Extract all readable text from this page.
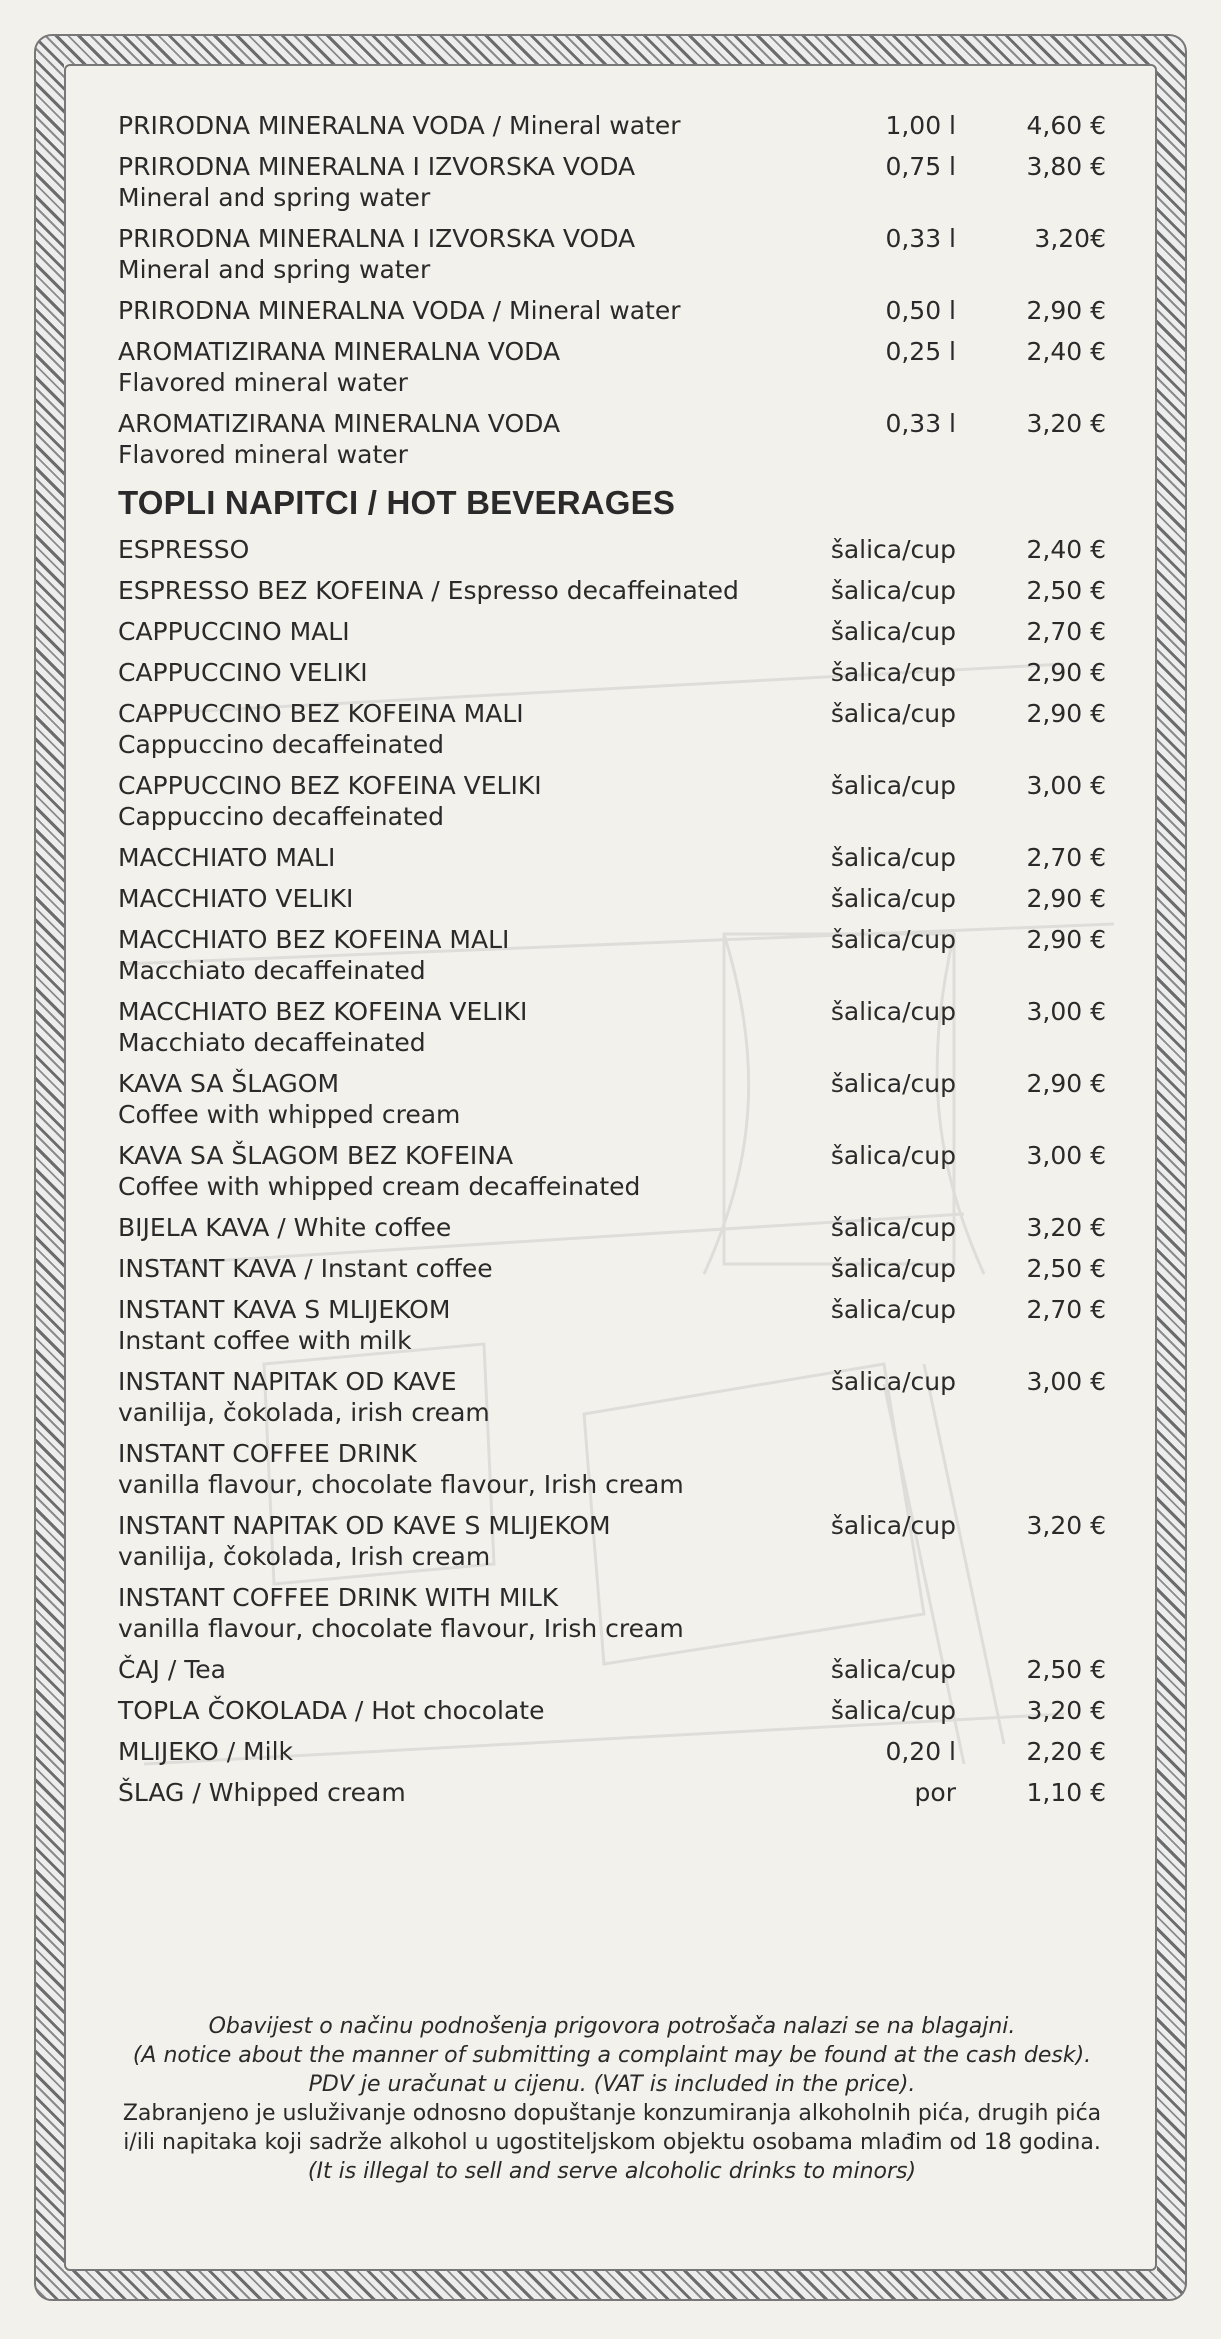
PRIRODNA MINERALNA VODA / Mineral water	1,00 l	4,60 €
PRIRODNA MINERALNA I IZVORSKA VODA
Mineral and spring water
0,75 l	3,80 €
PRIRODNA MINERALNA I IZVORSKA VODA
Mineral and spring water
0,33 l	3,20€
PRIRODNA MINERALNA VODA / Mineral water	0,50 l	2,90 €
AROMATIZIRANA MINERALNA VODA
Flavored mineral water
0,25 l	2,40 €
AROMATIZIRANA MINERALNA VODA
Flavored mineral water
0,33 l	3,20 €
TOPLI NAPITCI / HOT BEVERAGES
ESPRESSO	šalica/cup	2,40 €
ESPRESSO BEZ KOFEINA / Espresso decaffeinated	šalica/cup	2,50 €
CAPPUCCINO MALI	šalica/cup	2,70 €
CAPPUCCINO VELIKI	šalica/cup	2,90 €
CAPPUCCINO BEZ KOFEINA MALI
Cappuccino decaffeinated
šalica/cup	2,90 €
CAPPUCCINO BEZ KOFEINA VELIKI
Cappuccino decaffeinated
šalica/cup	3,00 €
MACCHIATO MALI	šalica/cup	2,70 €
MACCHIATO VELIKI	šalica/cup	2,90 €
MACCHIATO BEZ KOFEINA MALI
Macchiato decaffeinated
šalica/cup	2,90 €
MACCHIATO BEZ KOFEINA VELIKI
Macchiato decaffeinated
šalica/cup	3,00 €
KAVA SA ŠLAGOM
Coffee with whipped cream
šalica/cup	2,90 €
KAVA SA ŠLAGOM BEZ KOFEINA
Coffee with whipped cream decaffeinated
šalica/cup	3,00 €
BIJELA KAVA / White coffee	šalica/cup	3,20 €
INSTANT KAVA / Instant coffee	šalica/cup	2,50 €
INSTANT KAVA S MLIJEKOM
Instant coffee with milk
šalica/cup	2,70 €
INSTANT NAPITAK OD KAVE
vanilija, čokolada, irish cream
šalica/cup	3,00 €
INSTANT COFFEE DRINK
vanilla flavour, chocolate flavour, Irish cream
INSTANT NAPITAK OD KAVE S MLIJEKOM
vanilija, čokolada, Irish cream
šalica/cup	3,20 €
INSTANT COFFEE DRINK WITH MILK
vanilla flavour, chocolate flavour, Irish cream
ČAJ / Tea	šalica/cup	2,50 €
TOPLA ČOKOLADA / Hot chocolate	šalica/cup	3,20 €
MLIJEKO / Milk	0,20 l	2,20 €
ŠLAG / Whipped cream	por	1,10 €
Obavijest o načinu podnošenja prigovora potrošača nalazi se na blagajni.
(A notice about the manner of submitting a complaint may be found at the cash desk).
PDV je uračunat u cijenu. (VAT is included in the price).
Zabranjeno je usluživanje odnosno dopuštanje konzumiranja alkoholnih pića, drugih pića i/ili napitaka koji sadrže alkohol u ugostiteljskom objektu osobama mlađim od 18 godina.
(It is illegal to sell and serve alcoholic drinks to minors)
